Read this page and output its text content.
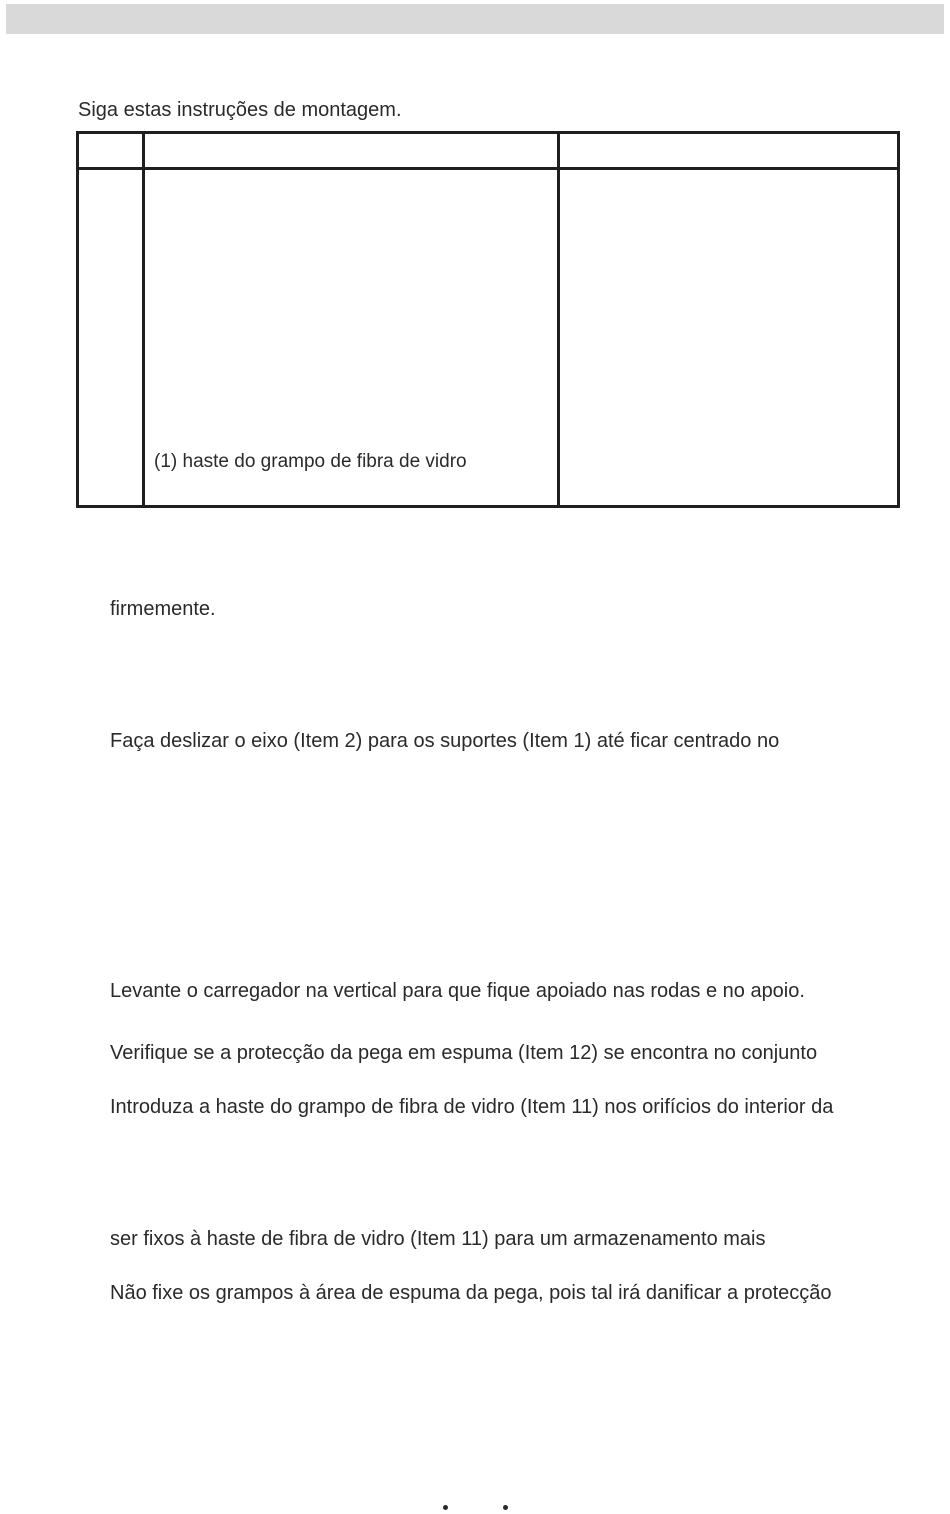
Siga estas instruções de montagem.
(1) haste do grampo de fibra de vidro
firmemente.
Faça deslizar o eixo (Item 2) para os suportes (Item 1) até ficar centrado no
Levante o carregador na vertical para que fique apoiado nas rodas e no apoio.
Verifique se a protecção da pega em espuma (Item 12) se encontra no conjunto
Introduza a haste do grampo de fibra de vidro (Item 11) nos orifícios do interior da
ser fixos à haste de fibra de vidro (Item 11) para um armazenamento mais
Não fixe os grampos à área de espuma da pega, pois tal irá danificar a protecção
